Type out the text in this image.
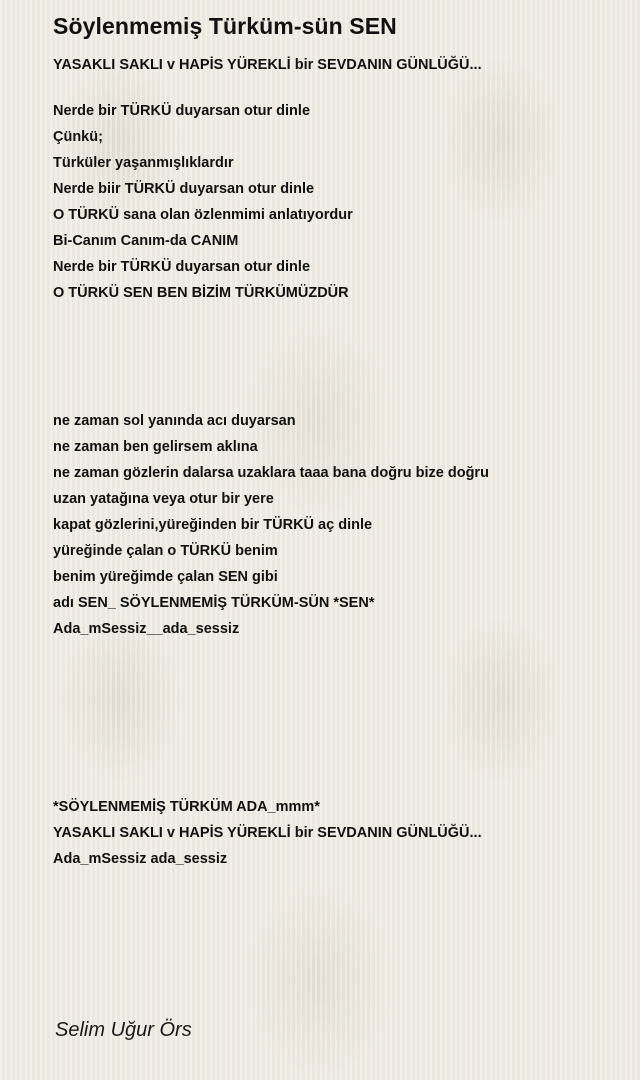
Söylenmemiş Türküm-sün SEN
YASAKLI SAKLI v HAPİS YÜREKLİ bir SEVDANIN GÜNLÜĞÜ...
Nerde bir TÜRKÜ duyarsan otur dinle
Çünkü;
Türküler yaşanmışlıklardır
Nerde biir TÜRKÜ duyarsan otur dinle
O TÜRKÜ sana olan özlenmimi anlatıyordur
Bi-Canım Canım-da CANIM
Nerde bir TÜRKÜ duyarsan otur dinle
O TÜRKÜ SEN BEN BİZİM TÜRKÜMÜZDÜR
ne zaman sol yanında acı duyarsan
ne zaman ben gelirsem aklına
ne zaman gözlerin dalarsa uzaklara taaa bana doğru bize doğru
uzan yatağına veya otur bir yere
kapat gözlerini,yüreğinden bir TÜRKÜ aç dinle
yüreğinde çalan o TÜRKÜ benim
benim yüreğimde çalan SEN gibi
adı SEN_ SÖYLENMEMİŞ TÜRKÜM-SÜN *SEN*
Ada_mSessiz__ada_sessiz
*SÖYLENMEMİŞ TÜRKÜM ADA_mmm*
YASAKLI SAKLI v HAPİS YÜREKLİ bir SEVDANIN GÜNLÜĞÜ...
Ada_mSessiz ada_sessiz
Selim Uğur Örs
